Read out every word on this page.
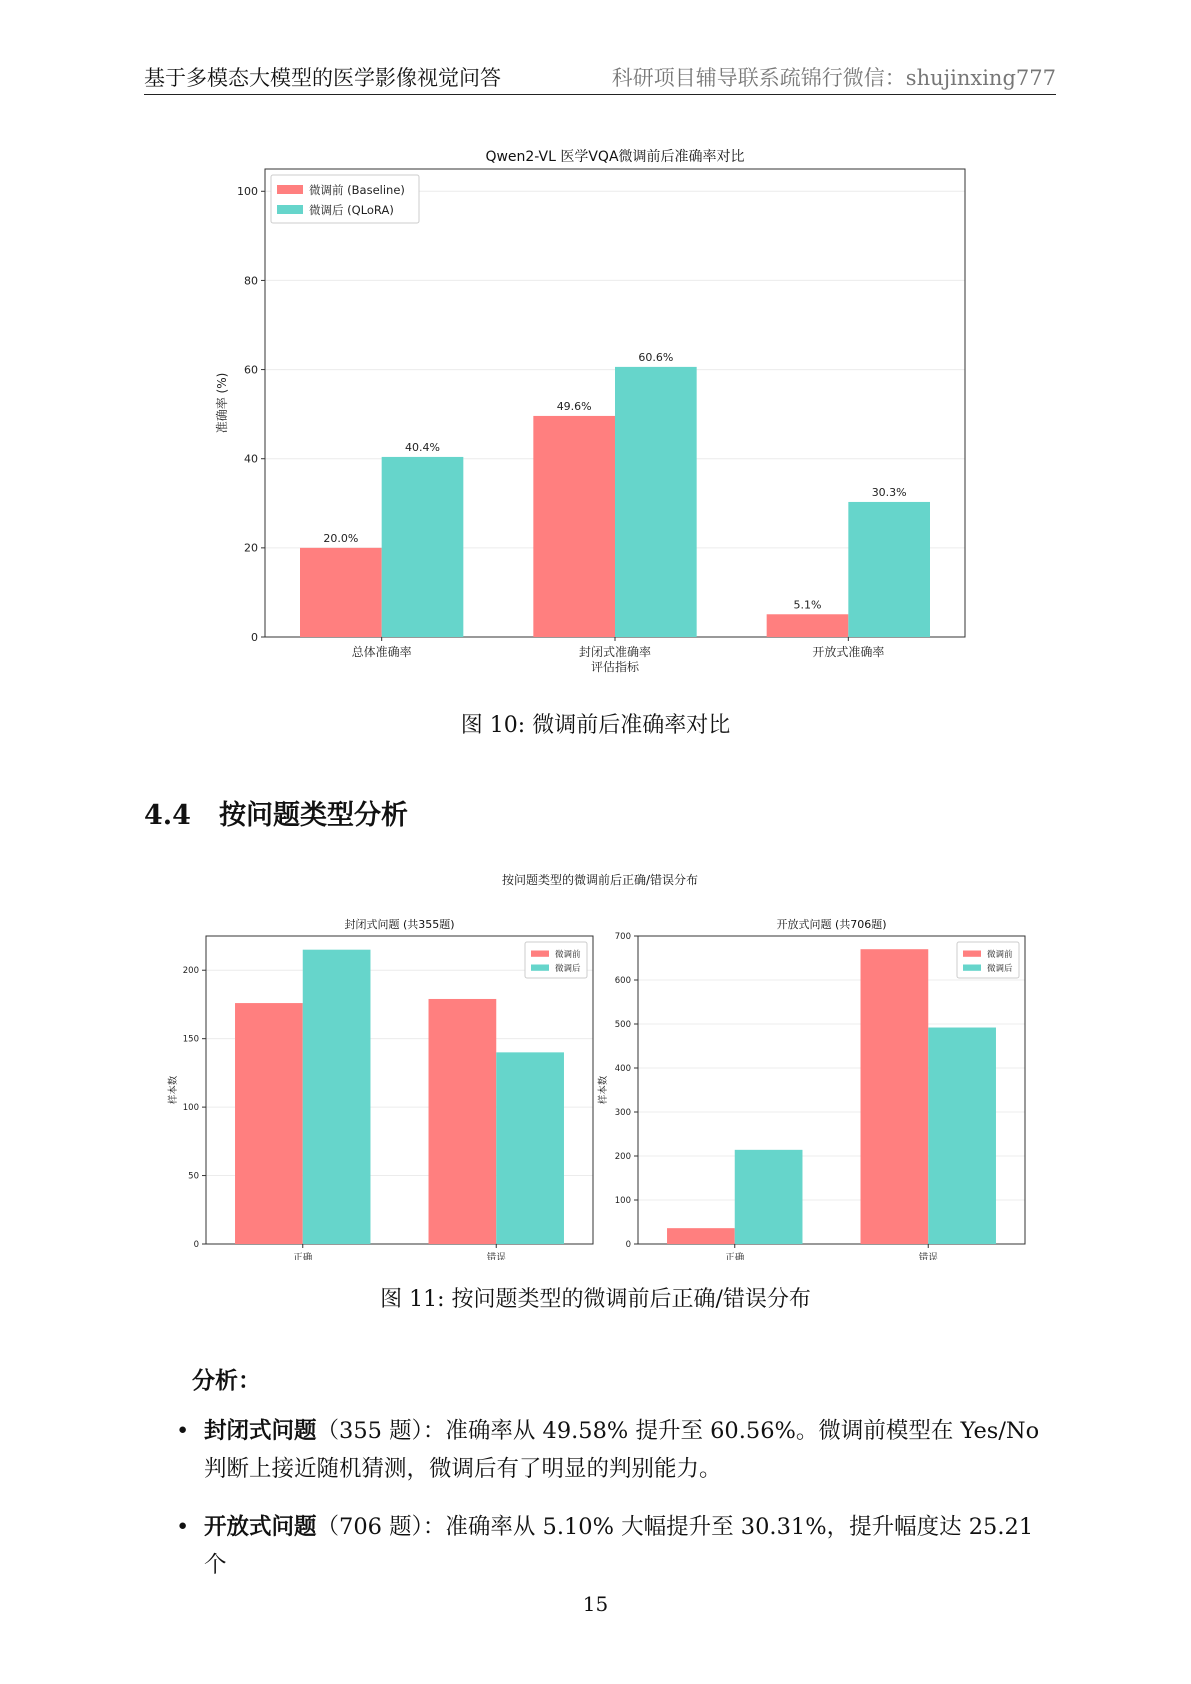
基于多模态大模型的医学影像视觉问答	科研项目辅导联系疏锦行微信：shujinxing777
0
20
40
60
80
100
总体准确率
20.0%
40.4%
封闭式准确率
49.6%
60.6%
开放式准确率
5.1%
30.3%
Qwen2-VL 医学VQA微调前后准确率对比
评估指标
准确率 (%)
微调前 (Baseline)
微调后 (QLoRA)
图 10: 微调前后准确率对比
4.4 按问题类型分析
按问题类型的微调前后正确/错误分布
0
50
100
150
200
正确	错误
封闭式问题 (共355题)
样本数
微调前
微调后
0
100
200
300
400
500
600
700
正确	错误
开放式问题 (共706题)
样本数
微调前
微调后
图 11: 按问题类型的微调前后正确/错误分布
分析：
• 封闭式问题（355 题）：准确率从 49.58% 提升至 60.56%。微调前模型在 Yes/No 判断上接近随机猜测，微调后有了明显的判别能力。
• 开放式问题（706 题）：准确率从 5.10% 大幅提升至 30.31%，提升幅度达 25.21 个
15
